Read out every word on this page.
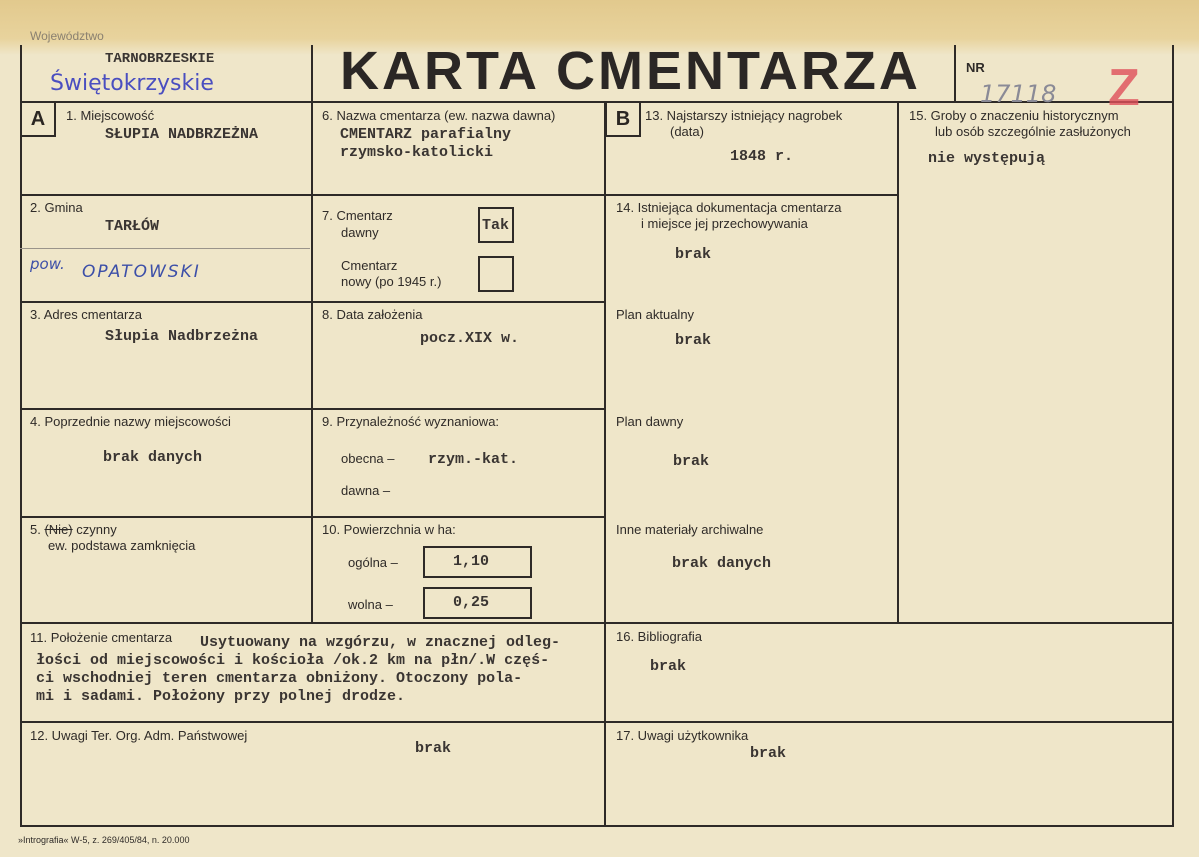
Województwo
TARNOBRZESKIE
Świętokrzyskie KARTA CMENTARZA	NR
17118 Z
A	B
1. Miejscowość
SŁUPIA NADBRZEŻNA
2. Gmina
TARŁÓW
pow. OPATOWSKI
3. Adres cmentarza
Słupia Nadbrzeżna
4. Poprzednie nazwy miejscowości
brak danych
5. (Nie) czynny
ew. podstawa zamknięcia
6. Nazwa cmentarza (ew. nazwa dawna)
CMENTARZ parafialny
rzymsko-katolicki
7. Cmentarz
dawny	Tak
Cmentarz
nowy (po 1945 r.)
8. Data założenia
pocz.XIX w.
9. Przynależność wyznaniowa:
obecna – rzym.-kat.
dawna –
10. Powierzchnia w ha:
ogólna –	1,10
wolna –	0,25
11. Położenie cmentarza Usytuowany na wzgórzu, w znacznej odleg-
łości od miejscowości i kościoła /ok.2 km na płn/.W częś-
ci wschodniej teren cmentarza obniżony. Otoczony pola-
mi i sadami. Położony przy polnej drodze.
12. Uwagi Ter. Org. Adm. Państwowej
brak
13. Najstarszy istniejący nagrobek
(data)
1848 r.
14. Istniejąca dokumentacja cmentarza
i miejsce jej przechowywania
brak
Plan aktualny
brak
Plan dawny
brak
Inne materiały archiwalne
brak danych
15. Groby o znaczeniu historycznym
lub osób szczególnie zasłużonych
nie występują
16. Bibliografia
brak
17. Uwagi użytkownika
brak
»Intrografia« W-5, z. 269/405/84, n. 20.000
